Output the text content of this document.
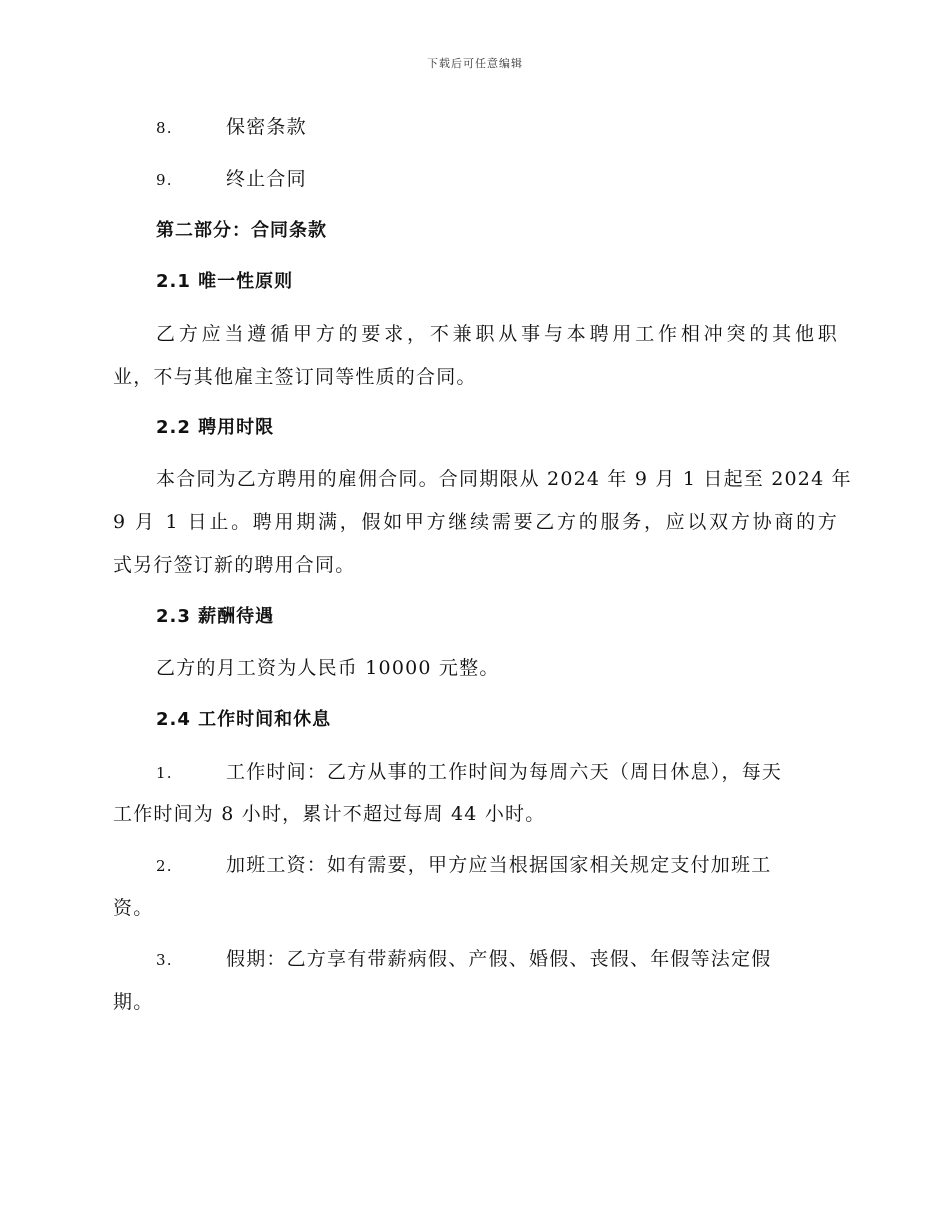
下载后可任意编辑
8.	保密条款
9.	终止合同
第二部分：合同条款
2.1 唯一性原则
乙方应当遵循甲方的要求，不兼职从事与本聘用工作相冲突的其他职
业，不与其他雇主签订同等性质的合同。
2.2 聘用时限
本合同为乙方聘用的雇佣合同。合同期限从 2024 年 9 月 1 日起至 2024 年
9 月 1 日止。聘用期满，假如甲方继续需要乙方的服务，应以双方协商的方
式另行签订新的聘用合同。
2.3 薪酬待遇
乙方的月工资为人民币 10000 元整。
2.4 工作时间和休息
1.	工作时间：乙方从事的工作时间为每周六天（周日休息），每天
工作时间为 8 小时，累计不超过每周 44 小时。
2.	加班工资：如有需要，甲方应当根据国家相关规定支付加班工
资。
3.	假期：乙方享有带薪病假、产假、婚假、丧假、年假等法定假
期。
